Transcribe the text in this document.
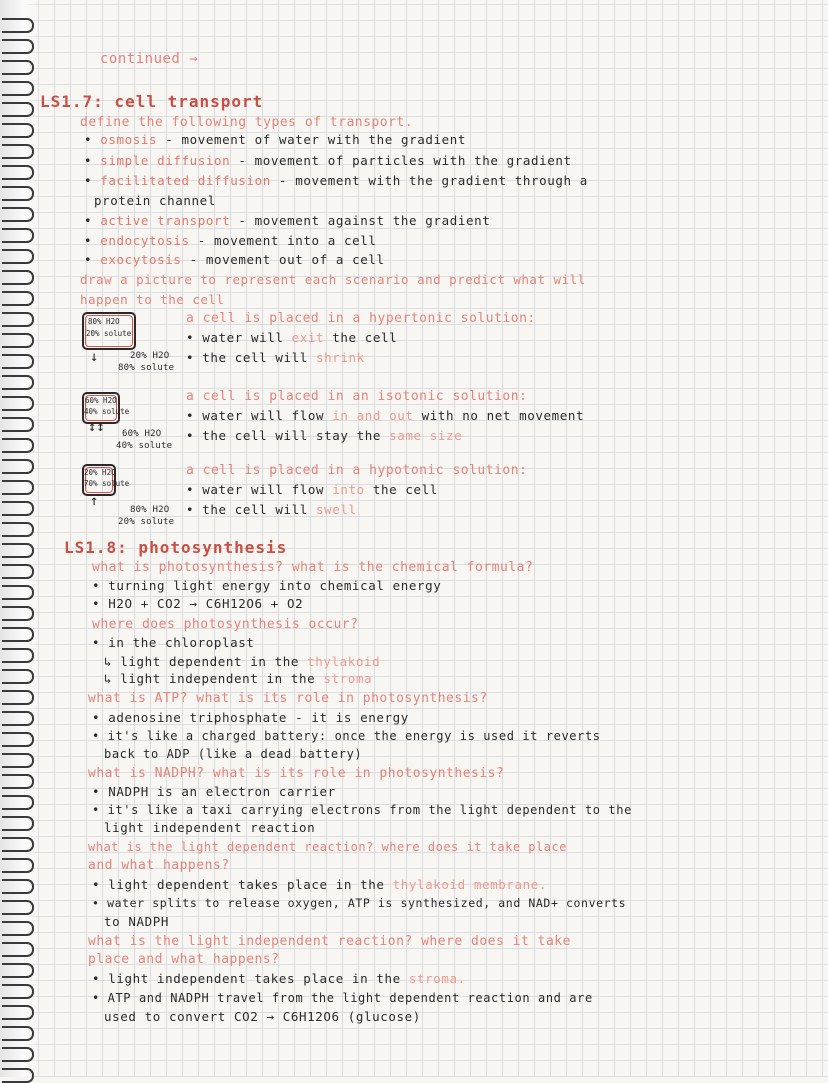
continued →
LS1.7: cell transport
define the following types of transport.
• osmosis - movement of water with the gradient
• simple diffusion - movement of particles with the gradient
• facilitated diffusion - movement with the gradient through a
protein channel
• active transport - movement against the gradient
• endocytosis - movement into a cell
• exocytosis - movement out of a cell
draw a picture to represent each scenario and predict what will
happen to the cell
80% H2O
20% solute
↓	20% H2O
80% solute
a cell is placed in a hypertonic solution:
• water will exit the cell
• the cell will shrink
60% H2O
40% solute
↕↕ 60% H2O
40% solute
a cell is placed in an isotonic solution:
• water will flow in and out with no net movement
• the cell will stay the same size
20% H2O
70% solute
↑
80% H2O
20% solute
a cell is placed in a hypotonic solution:
• water will flow into the cell
• the cell will swell
LS1.8: photosynthesis
what is photosynthesis? what is the chemical formula?
• turning light energy into chemical energy
• H2O + CO2 → C6H12O6 + O2
where does photosynthesis occur?
• in the chloroplast
↳ light dependent in the thylakoid
↳ light independent in the stroma
what is ATP? what is its role in photosynthesis?
• adenosine triphosphate - it is energy
• it's like a charged battery: once the energy is used it reverts
back to ADP (like a dead battery)
what is NADPH? what is its role in photosynthesis?
• NADPH is an electron carrier
• it's like a taxi carrying electrons from the light dependent to the
light independent reaction
what is the light dependent reaction? where does it take place
and what happens?
• light dependent takes place in the thylakoid membrane.
• water splits to release oxygen, ATP is synthesized, and NAD+ converts
to NADPH
what is the light independent reaction? where does it take
place and what happens?
• light independent takes place in the stroma.
• ATP and NADPH travel from the light dependent reaction and are
used to convert CO2 → C6H12O6 (glucose)
